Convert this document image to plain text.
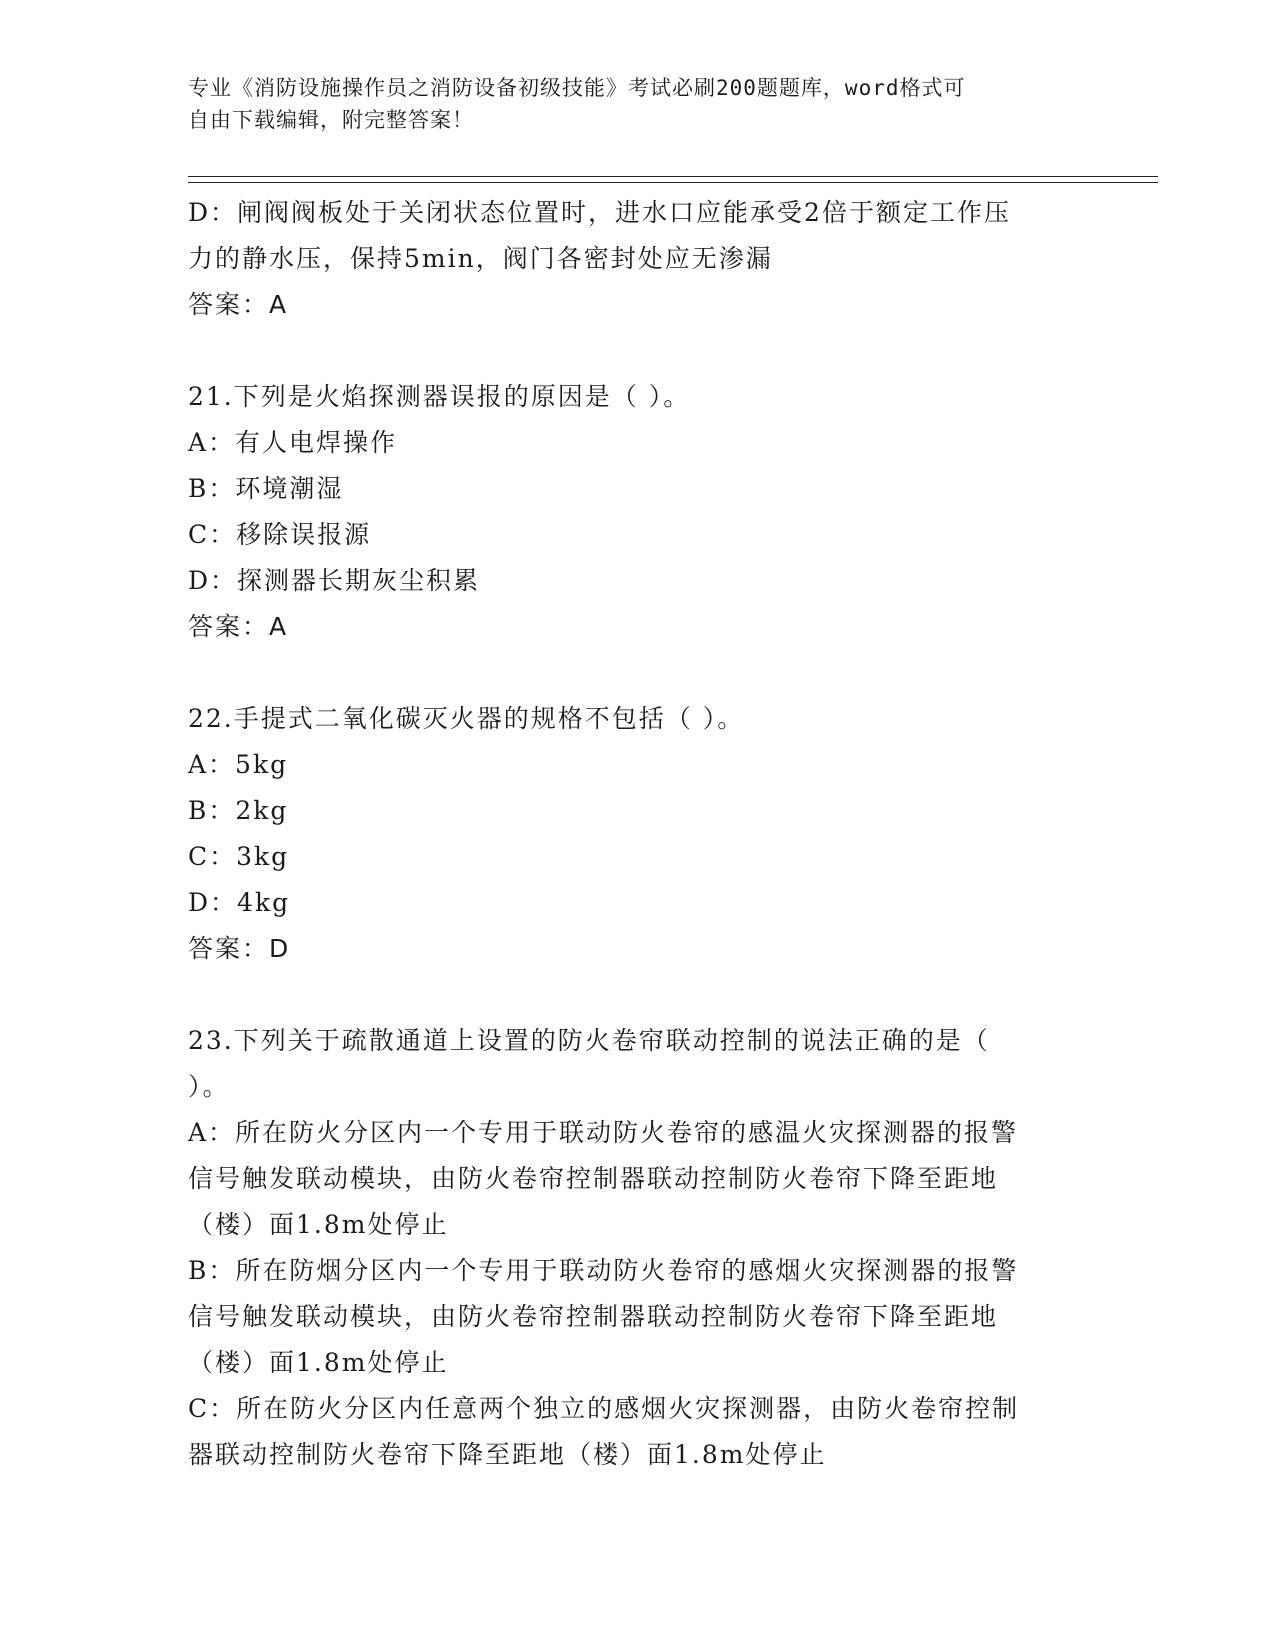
专业《消防设施操作员之消防设备初级技能》考试必刷200题题库，word格式可
自由下载编辑，附完整答案！
D：闸阀阀板处于关闭状态位置时，进水口应能承受2倍于额定工作压
力的静水压，保持5min，阀门各密封处应无渗漏
答案：A
21.下列是火焰探测器误报的原因是（ ）。
A：有人电焊操作
B：环境潮湿
C：移除误报源
D：探测器长期灰尘积累
答案：A
22.手提式二氧化碳灭火器的规格不包括（ ）。
A：5kg
B：2kg
C：3kg
D：4kg
答案：D
23.下列关于疏散通道上设置的防火卷帘联动控制的说法正确的是（
）。
A：所在防火分区内一个专用于联动防火卷帘的感温火灾探测器的报警
信号触发联动模块，由防火卷帘控制器联动控制防火卷帘下降至距地
（楼）面1.8m处停止
B：所在防烟分区内一个专用于联动防火卷帘的感烟火灾探测器的报警
信号触发联动模块，由防火卷帘控制器联动控制防火卷帘下降至距地
（楼）面1.8m处停止
C：所在防火分区内任意两个独立的感烟火灾探测器，由防火卷帘控制
器联动控制防火卷帘下降至距地（楼）面1.8m处停止
